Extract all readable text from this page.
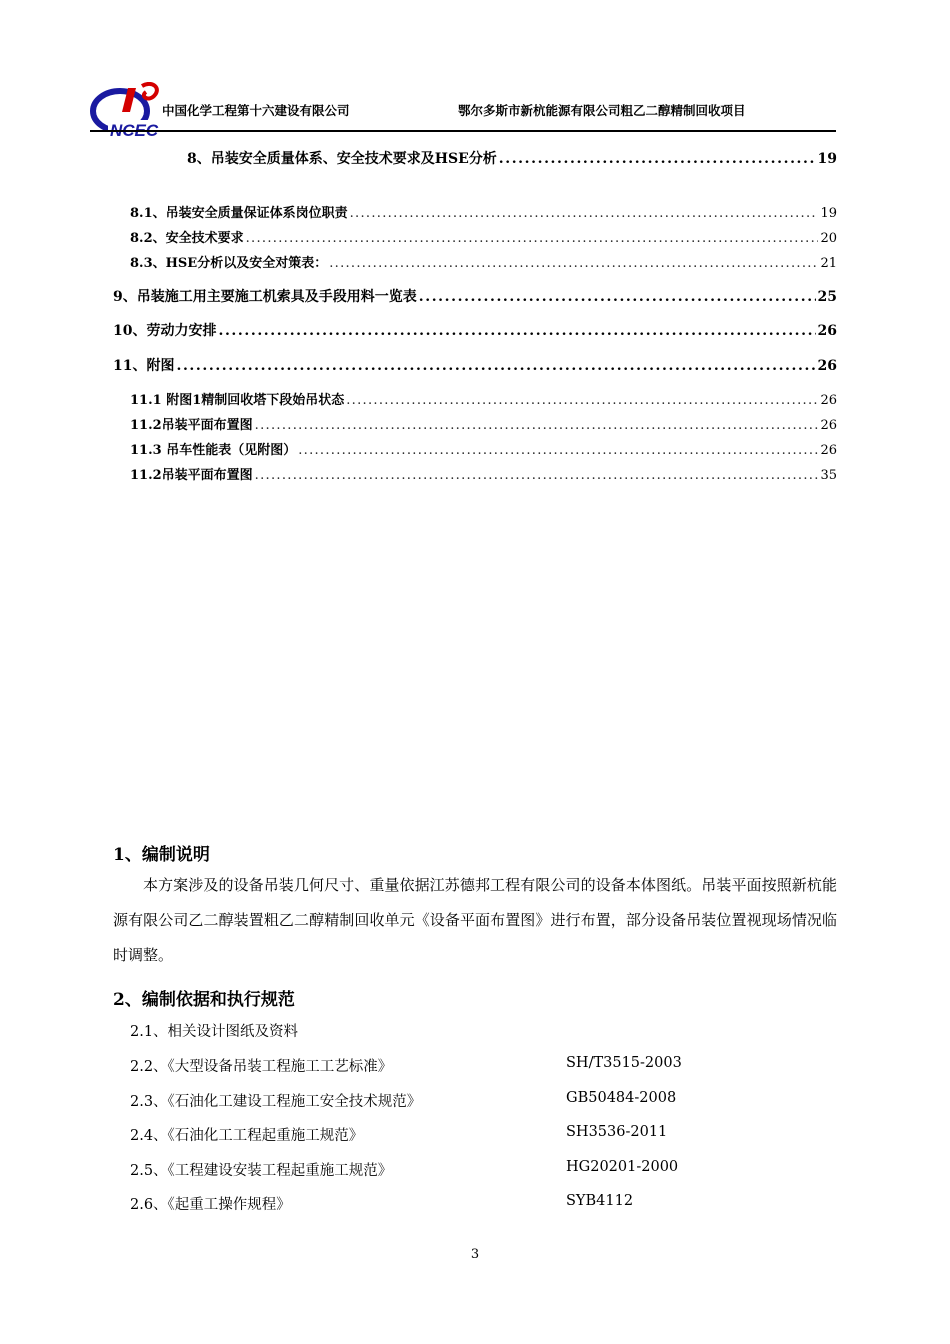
NCEC
中国化学工程第十六建设有限公司	鄂尔多斯市新杭能源有限公司粗乙二醇精制回收项目
8、吊装安全质量体系、安全技术要求及HSE分析 .....	19
8.1、吊装安全质量保证体系岗位职责 .....	19
8.2、安全技术要求 .....	20
8.3、HSE分析以及安全对策表： .....	21
9、吊装施工用主要施工机索具及手段用料一览表 .....	25
10、劳动力安排 .....	26
11、附图 .....	26
11.1 附图1精制回收塔下段始吊状态 .....	26
11.2吊装平面布置图 .....	26
11.3 吊车性能表（见附图） .....	26
11.2吊装平面布置图 .....	35
1、编制说明
本方案涉及的设备吊装几何尺寸、重量依据江苏德邦工程有限公司的设备本体图纸。吊装平面按照新杭能源有限公司乙二醇装置粗乙二醇精制回收单元《设备平面布置图》进行布置，部分设备吊装位置视现场情况临时调整。
2、编制依据和执行规范
2.1、相关设计图纸及资料
2.2、《大型设备吊装工程施工工艺标准》	SH/T3515-2003
2.3、《石油化工建设工程施工安全技术规范》	GB50484-2008
2.4、《石油化工工程起重施工规范》	SH3536-2011
2.5、《工程建设安装工程起重施工规范》	HG20201-2000
2.6、《起重工操作规程》	SYB4112
3
